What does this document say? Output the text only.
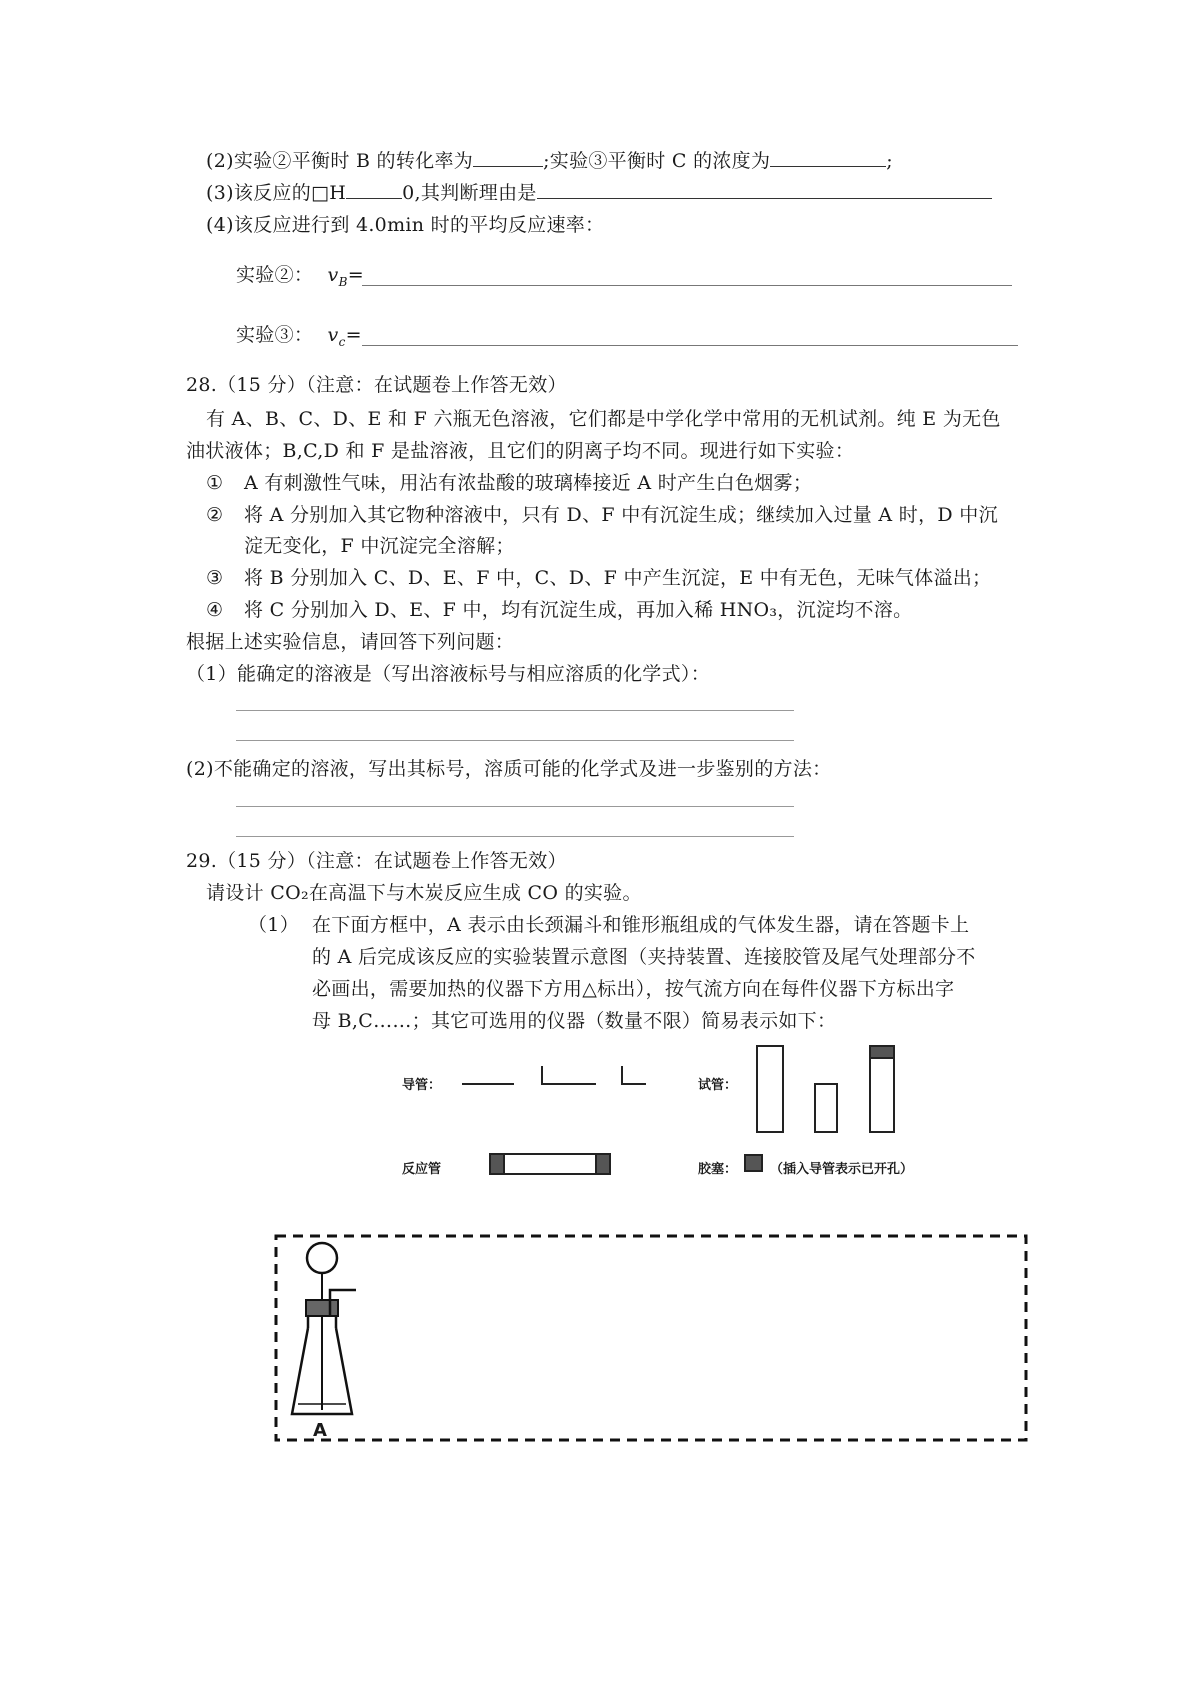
(2)实验②平衡时 B 的转化率为	;实验③平衡时 C 的浓度为	;
(3)该反应的□H	0,其判断理由是
(4)该反应进行到 4.0min 时的平均反应速率：
实验②： $v_B=$
实验③： $v_c=$
28.（15 分）（注意：在试题卷上作答无效）
有 A、B、C、D、E 和 F 六瓶无色溶液，它们都是中学化学中常用的无机试剂。纯 E 为无色
油状液体；B,C,D 和 F 是盐溶液，且它们的阴离子均不同。现进行如下实验：
① A 有刺激性气味，用沾有浓盐酸的玻璃棒接近 A 时产生白色烟雾；
② 将 A 分别加入其它物种溶液中，只有 D、F 中有沉淀生成；继续加入过量 A 时，D 中沉
淀无变化，F 中沉淀完全溶解；
③ 将 B 分别加入 C、D、E、F 中，C、D、F 中产生沉淀，E 中有无色，无味气体溢出；
④ 将 C 分别加入 D、E、F 中，均有沉淀生成，再加入稀 HNO₃，沉淀均不溶。
根据上述实验信息，请回答下列问题：
（1）能确定的溶液是（写出溶液标号与相应溶质的化学式）：
(2)不能确定的溶液，写出其标号，溶质可能的化学式及进一步鉴别的方法：
29.（15 分）（注意：在试题卷上作答无效）
请设计 CO₂在高温下与木炭反应生成 CO 的实验。
（1） 在下面方框中，A 表示由长颈漏斗和锥形瓶组成的气体发生器，请在答题卡上
的 A 后完成该反应的实验装置示意图（夹持装置、连接胶管及尾气处理部分不
必画出，需要加热的仪器下方用△标出），按气流方向在每件仪器下方标出字
母 B,C……；其它可选用的仪器（数量不限）简易表示如下：
导管：	试管：
反应管	胶塞：	（插入导管表示已开孔）
A
